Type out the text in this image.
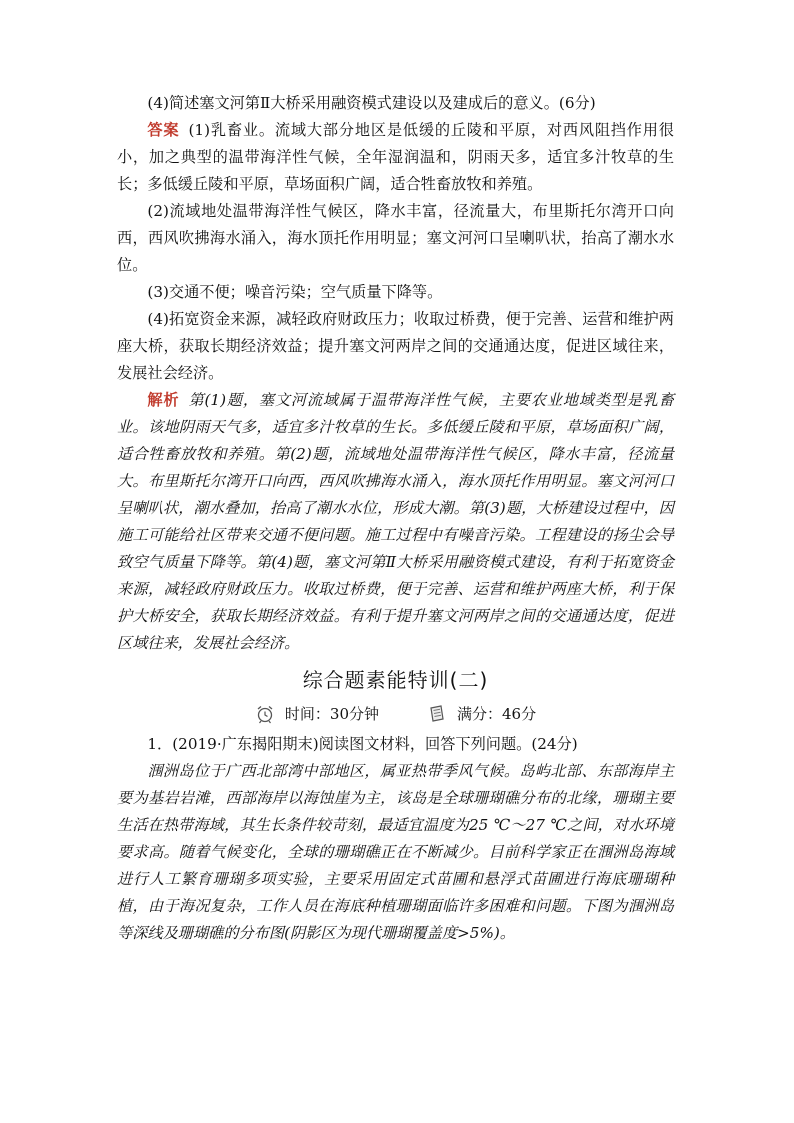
(4)简述塞文河第Ⅱ大桥采用融资模式建设以及建成后的意义。(6分)

答案 (1)乳畜业。流域大部分地区是低缓的丘陵和平原，对西风阻挡作用很小，加之典型的温带海洋性气候，全年湿润温和，阴雨天多，适宜多汁牧草的生长；多低缓丘陵和平原，草场面积广阔，适合牲畜放牧和养殖。

(2)流域地处温带海洋性气候区，降水丰富，径流量大，布里斯托尔湾开口向西，西风吹拂海水涌入，海水顶托作用明显；塞文河河口呈喇叭状，抬高了潮水水位。

(3)交通不便；噪音污染；空气质量下降等。

(4)拓宽资金来源，减轻政府财政压力；收取过桥费，便于完善、运营和维护两座大桥，获取长期经济效益；提升塞文河两岸之间的交通通达度，促进区域往来，发展社会经济。

解析 第(1)题，塞文河流域属于温带海洋性气候，主要农业地域类型是乳畜业。该地阴雨天气多，适宜多汁牧草的生长。多低缓丘陵和平原，草场面积广阔，适合牲畜放牧和养殖。第(2)题，流域地处温带海洋性气候区，降水丰富，径流量大。布里斯托尔湾开口向西，西风吹拂海水涌入，海水顶托作用明显。塞文河河口呈喇叭状，潮水叠加，抬高了潮水水位，形成大潮。第(3)题，大桥建设过程中，因施工可能给社区带来交通不便问题。施工过程中有噪音污染。工程建设的扬尘会导致空气质量下降等。第(4)题，塞文河第Ⅱ大桥采用融资模式建设，有利于拓宽资金来源，减轻政府财政压力。收取过桥费，便于完善、运营和维护两座大桥，利于保护大桥安全，获取长期经济效益。有利于提升塞文河两岸之间的交通通达度，促进区域往来，发展社会经济。

综合题素能特训(二)
时间：30分钟	满分：46分

1．(2019·广东揭阳期末)阅读图文材料，回答下列问题。(24分)

涠洲岛位于广西北部湾中部地区，属亚热带季风气候。岛屿北部、东部海岸主要为基岩岩滩，西部海岸以海蚀崖为主，该岛是全球珊瑚礁分布的北缘，珊瑚主要生活在热带海域，其生长条件较苛刻，最适宜温度为25 ℃～27 ℃之间，对水环境要求高。随着气候变化，全球的珊瑚礁正在不断减少。目前科学家正在涠洲岛海域进行人工繁育珊瑚多项实验，主要采用固定式苗圃和悬浮式苗圃进行海底珊瑚种植，由于海况复杂，工作人员在海底种植珊瑚面临许多困难和问题。下图为涠洲岛等深线及珊瑚礁的分布图(阴影区为现代珊瑚覆盖度>5%)。
